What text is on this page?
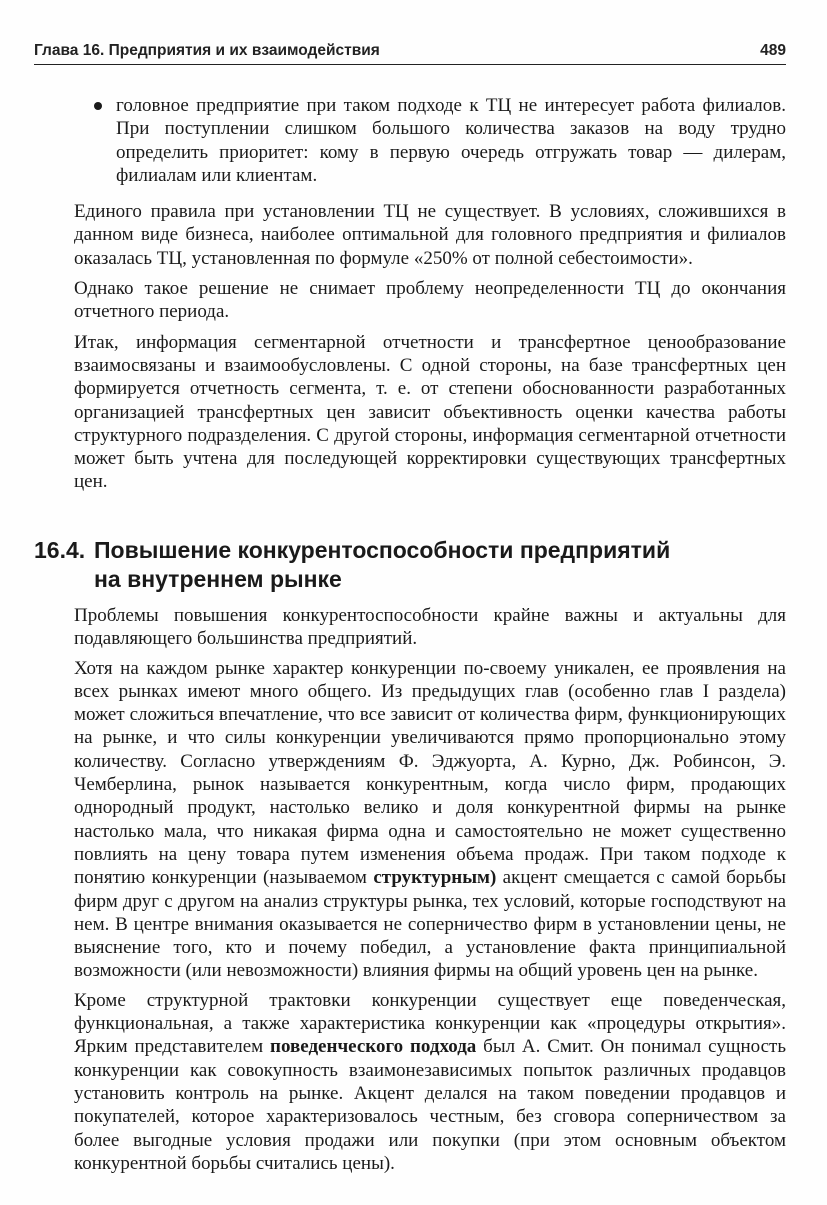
Глава 16. Предприятия и их взаимодействия	489
головное предприятие при таком подходе к ТЦ не интересует работа филиалов. При поступлении слишком большого количества заказов на воду трудно определить приоритет: кому в первую очередь отгружать товар — дилерам, филиалам или клиентам.

Единого правила при установлении ТЦ не существует. В условиях, сложившихся в данном виде бизнеса, наиболее оптимальной для головного предприятия и филиалов оказалась ТЦ, установленная по формуле «250% от полной себестоимости».

Однако такое решение не снимает проблему неопределенности ТЦ до окончания отчетного периода.

Итак, информация сегментарной отчетности и трансфертное ценообразование взаимосвязаны и взаимообусловлены. С одной стороны, на базе трансфертных цен формируется отчетность сегмента, т. е. от степени обоснованности разработанных организацией трансфертных цен зависит объективность оценки качества работы структурного подразделения. С другой стороны, информация сегментарной отчетности может быть учтена для последующей корректировки существующих трансфертных цен.

16.4. Повышение конкурентоспособности предприятий
на внутреннем рынке

Проблемы повышения конкурентоспособности крайне важны и актуальны для подавляющего большинства предприятий.

Хотя на каждом рынке характер конкуренции по-своему уникален, ее проявления на всех рынках имеют много общего. Из предыдущих глав (особенно глав I раздела) может сложиться впечатление, что все зависит от количества фирм, функционирующих на рынке, и что силы конкуренции увеличиваются прямо пропорционально этому количеству. Согласно утверждениям Ф. Эджуорта, А. Курно, Дж. Робинсон, Э. Чемберлина, рынок называется конкурентным, когда число фирм, продающих однородный продукт, настолько велико и доля конкурентной фирмы на рынке настолько мала, что никакая фирма одна и самостоятельно не может существенно повлиять на цену товара путем изменения объема продаж. При таком подходе к понятию конкуренции (называемом структурным) акцент смещается с самой борьбы фирм друг с другом на анализ структуры рынка, тех условий, которые господствуют на нем. В центре внимания оказывается не соперничество фирм в установлении цены, не выяснение того, кто и почему победил, а установление факта принципиальной возможности (или невозможности) влияния фирмы на общий уровень цен на рынке.

Кроме структурной трактовки конкуренции существует еще поведенческая, функциональная, а также характеристика конкуренции как «процедуры открытия». Ярким представителем поведенческого подхода был А. Смит. Он понимал сущность конкуренции как совокупность взаимонезависимых попыток различных продавцов установить контроль на рынке. Акцент делался на таком поведении продавцов и покупателей, которое характеризовалось честным, без сговора соперничеством за более выгодные условия продажи или покупки (при этом основным объектом конкурентной борьбы считались цены).
